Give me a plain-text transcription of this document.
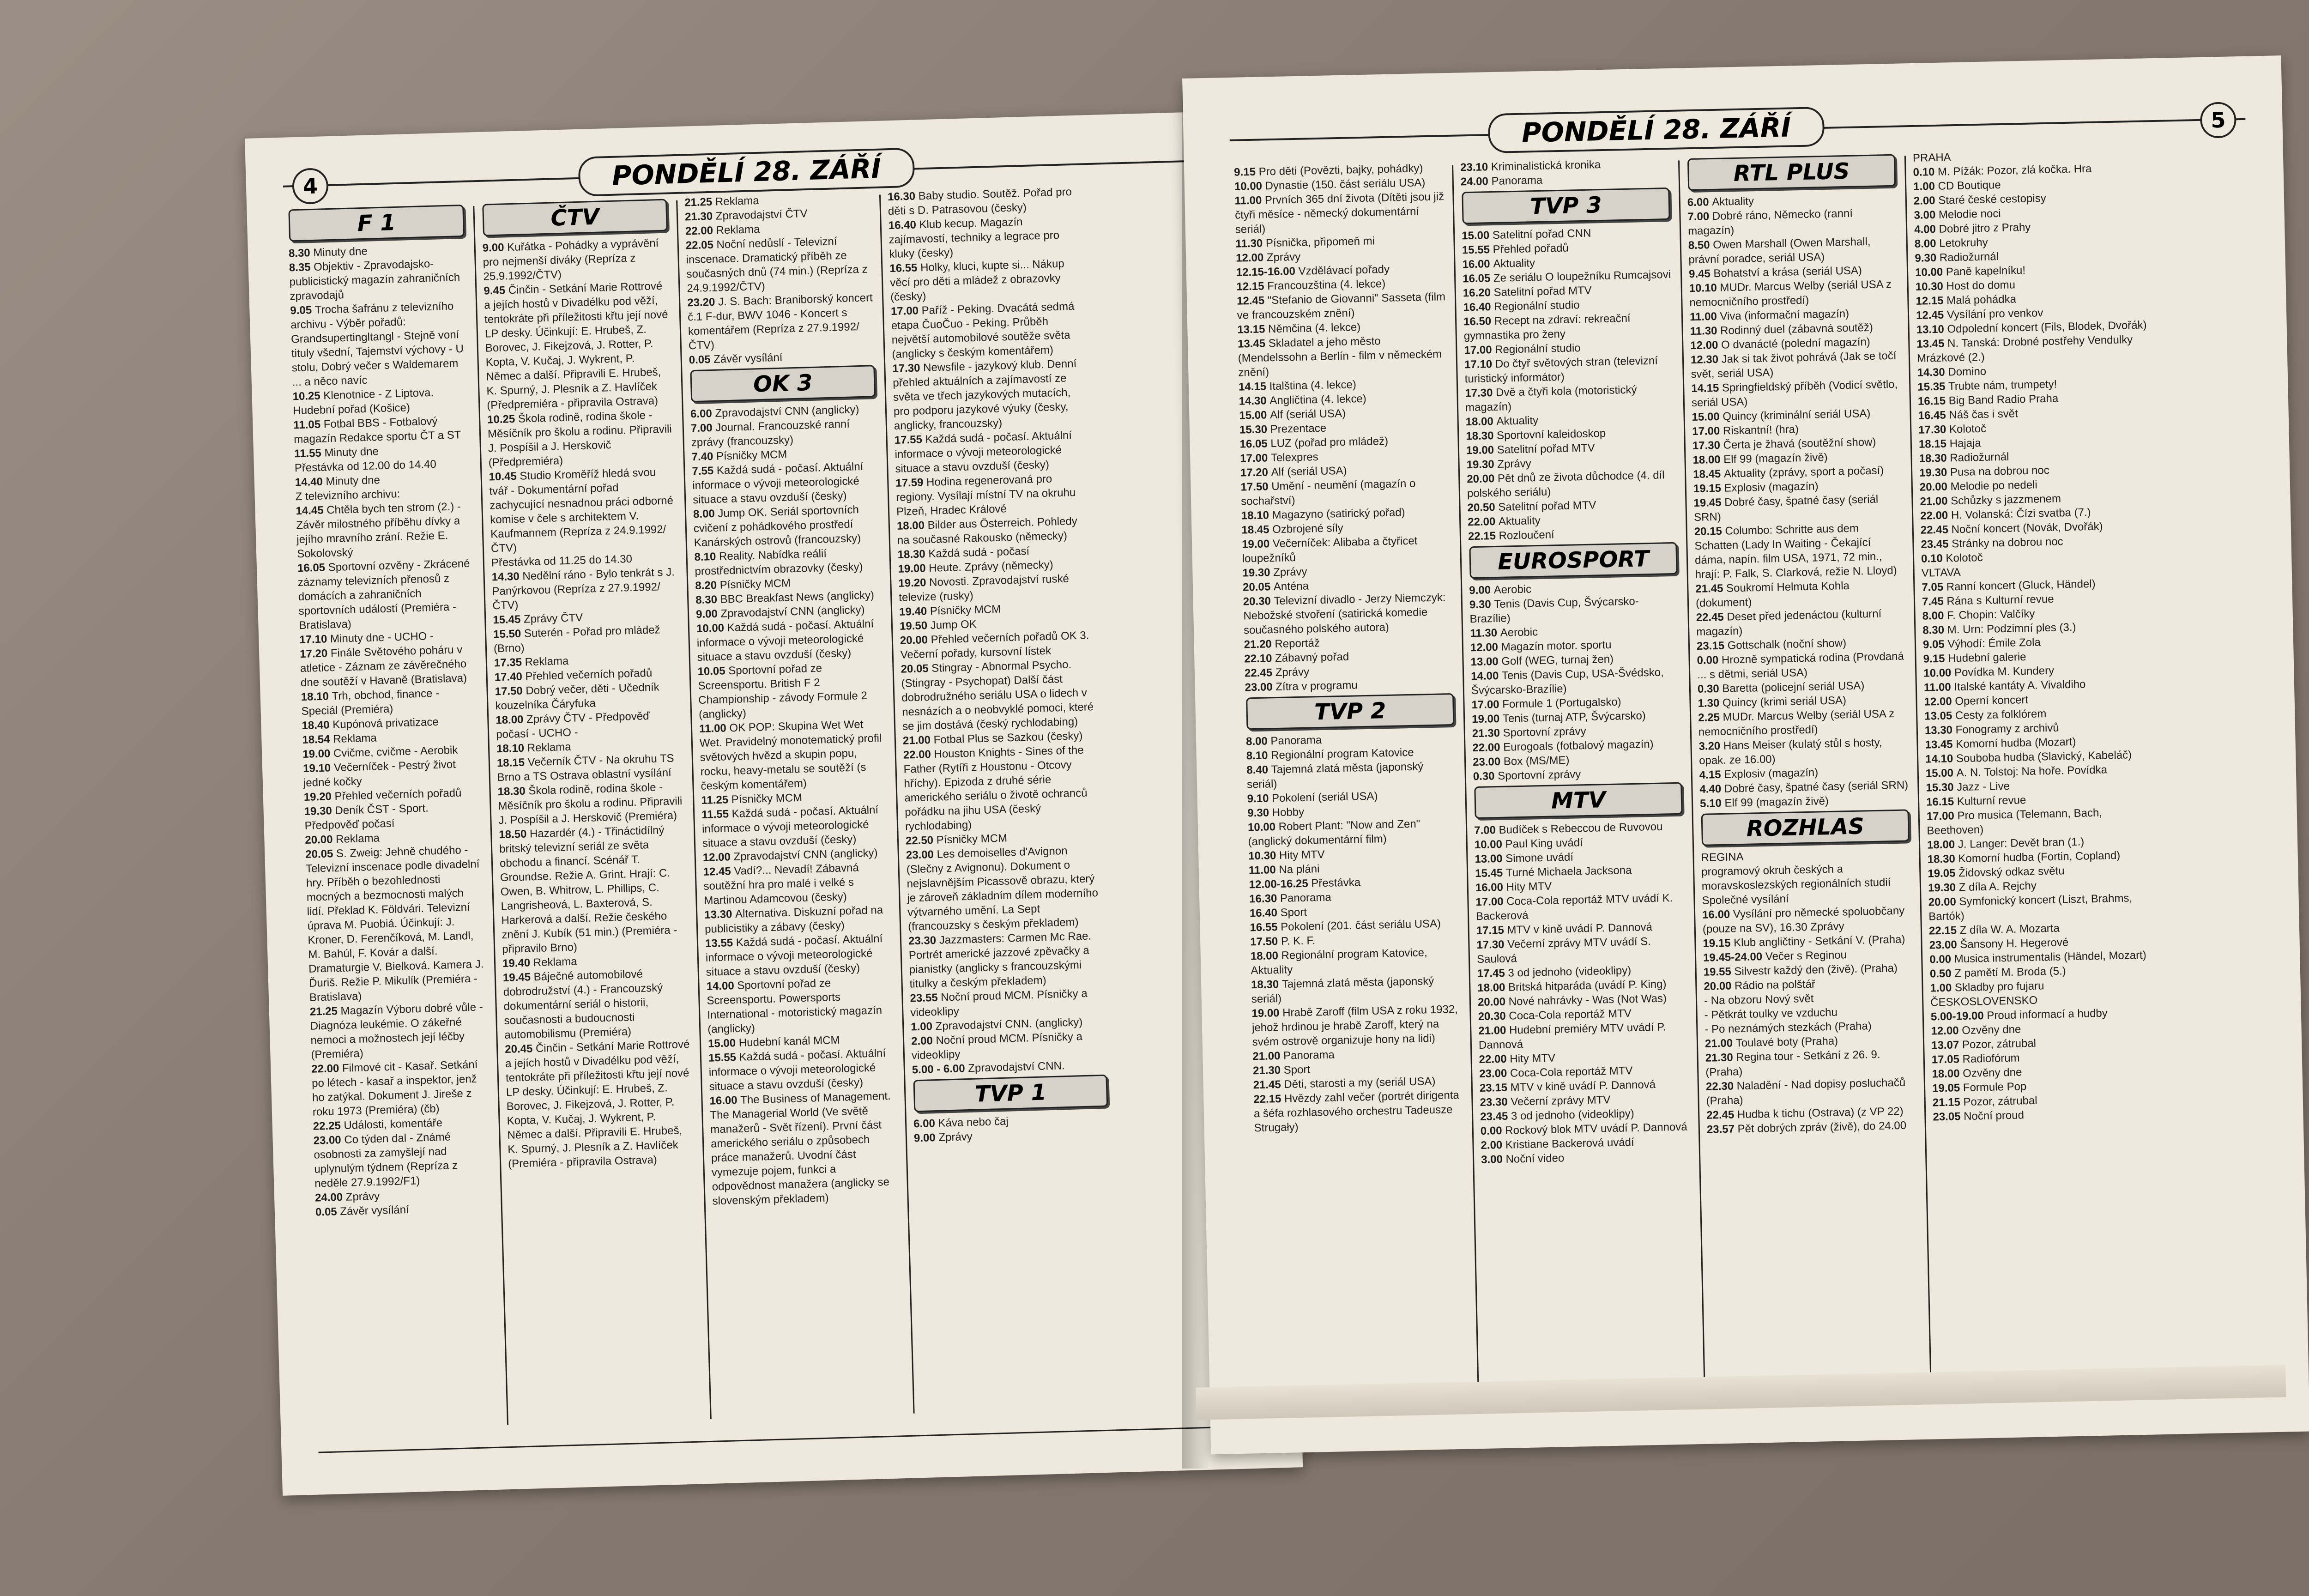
4	PONDĚLÍ 28. ZÁŘÍ
F 1
8.30 Minuty dne
8.35 Objektiv - Zpravodajsko-publicistický magazín zahraničních zpravodajů
9.05 Trocha šafránu z televizního archivu - Výběr pořadů: Grandsupertingltangl - Stejně voní tituly všední, Tajemství výchovy - U stolu, Dobrý večer s Waldemarem ... a něco navíc
10.25 Klenotnice - Z Liptova. Hudební pořad (Košice)
11.05 Fotbal BBS - Fotbalový magazín Redakce sportu ČT a ST
11.55 Minuty dne
Přestávka od 12.00 do 14.40
14.40 Minuty dne
Z televizního archivu:
14.45 Chtěla bych ten strom (2.) - Závěr milostného příběhu dívky a jejího mravního zrání. Režie E. Sokolovský
16.05 Sportovní ozvěny - Zkrácené záznamy televizních přenosů z domácích a zahraničních sportovních událostí (Premiéra - Bratislava)
17.10 Minuty dne - UCHO -
17.20 Finále Světového poháru v atletice - Záznam ze závěrečného dne soutěží v Havaně (Bratislava)
18.10 Trh, obchod, finance - Speciál (Premiéra)
18.40 Kupónová privatizace
18.54 Reklama
19.00 Cvičme, cvičme - Aerobik
19.10 Večerníček - Pestrý život jedné kočky
19.20 Přehled večerních pořadů
19.30 Deník ČST - Sport. Předpověď počasí
20.00 Reklama
20.05 S. Zweig: Jehně chudého - Televizní inscenace podle divadelní hry. Příběh o bezohlednosti mocných a bezmocnosti malých lidí. Překlad K. Földvári. Televizní úprava M. Puobiá. Účinkují: J. Kroner, D. Ferenčíková, M. Landl, M. Bahúl, F. Kovár a další. Dramaturgie V. Bielková. Kamera J. Ďuriš. Režie P. Mikulík (Premiéra - Bratislava)
21.25 Magazín Výboru dobré vůle - Diagnóza leukémie. O zákeřné nemoci a možnostech její léčby (Premiéra)
22.00 Filmové cit - Kasař. Setkání po létech - kasař a inspektor, jenž ho zatýkal. Dokument J. Jireše z roku 1973 (Premiéra) (čb)
22.25 Události, komentáře
23.00 Co týden dal - Známé osobnosti za zamyšlejí nad uplynulým týdnem (Repríza z neděle 27.9.1992/F1)
24.00 Zprávy
0.05 Závěr vysílání
ČTV
9.00 Kuřátka - Pohádky a vyprávění pro nejmenší diváky (Repríza z 25.9.1992/ČTV)
9.45 Činčin - Setkání Marie Rottrové a jejích hostů v Divadélku pod věží, tentokráte při příležitosti křtu její nové LP desky. Účinkují: E. Hrubeš, Z. Borovec, J. Fikejzová, J. Rotter, P. Kopta, V. Kučaj, J. Wykrent, P. Němec a další. Připravili E. Hrubeš, K. Spurný, J. Plesník a Z. Havlíček (Předpremiéra - připravila Ostrava)
10.25 Škola rodině, rodina škole - Měsíčník pro školu a rodinu. Připravili J. Pospíšil a J. Herskovič (Předpremiéra)
10.45 Studio Kroměříž hledá svou tvář - Dokumentární pořad zachycující nesnadnou práci odborné komise v čele s architektem V. Kaufmannem (Repríza z 24.9.1992/ČTV)
Přestávka od 11.25 do 14.30
14.30 Nedělní ráno - Bylo tenkrát s J. Panýrkovou (Repríza z 27.9.1992/ČTV)
15.45 Zprávy ČTV
15.50 Suterén - Pořad pro mládež (Brno)
17.35 Reklama
17.40 Přehled večerních pořadů
17.50 Dobrý večer, děti - Učedník kouzelníka Čáryfuka
18.00 Zprávy ČTV - Předpověď počasí - UCHO -
18.10 Reklama
18.15 Večerník ČTV - Na okruhu TS Brno a TS Ostrava oblastní vysílání
18.30 Škola rodině, rodina škole - Měsíčník pro školu a rodinu. Připravili J. Pospíšil a J. Herskovič (Premiéra)
18.50 Hazardér (4.) - Třináctidílný britský televizní seriál ze světa obchodu a financí. Scénář T. Groundse. Režie A. Grint. Hrají: C. Owen, B. Whitrow, L. Phillips, C. Langrisheová, L. Baxterová, S. Harkerová a další. Režie českého znění J. Kubík (51 min.) (Premiéra - připravilo Brno)
19.40 Reklama
19.45 Báječné automobilové dobrodružství (4.) - Francouzský dokumentární seriál o historii, současnosti a budoucnosti automobilismu (Premiéra)
20.45 Činčin - Setkání Marie Rottrové a jejích hostů v Divadélku pod věží, tentokráte při příležitosti křtu její nové LP desky. Účinkují: E. Hrubeš, Z. Borovec, J. Fikejzová, J. Rotter, P. Kopta, V. Kučaj, J. Wykrent, P. Němec a další. Připravili E. Hrubeš, K. Spurný, J. Plesník a Z. Havlíček (Premiéra - připravila Ostrava)
21.25 Reklama
21.30 Zpravodajství ČTV
22.00 Reklama
22.05 Noční nedůslí - Televizní inscenace. Dramatický příběh ze současných dnů (74 min.) (Repríza z 24.9.1992/ČTV)
23.20 J. S. Bach: Braniborský koncert č.1 F-dur, BWV 1046 - Koncert s komentářem (Repríza z 27.9.1992/ČTV)
0.05 Závěr vysílání
OK 3
6.00 Zpravodajství CNN (anglicky)
7.00 Journal. Francouzské ranní zprávy (francouzsky)
7.40 Písničky MCM
7.55 Každá sudá - počasí. Aktuální informace o vývoji meteorologické situace a stavu ovzduší (česky)
8.00 Jump OK. Seriál sportovních cvičení z pohádkového prostředí Kanárských ostrovů (francouzsky)
8.10 Reality. Nabídka reálií prostřednictvím obrazovky (česky)
8.20 Písničky MCM
8.30 BBC Breakfast News (anglicky)
9.00 Zpravodajství CNN (anglicky)
10.00 Každá sudá - počasí. Aktuální informace o vývoji meteorologické situace a stavu ovzduší (česky)
10.05 Sportovní pořad ze Screensportu. British F 2 Championship - závody Formule 2 (anglicky)
11.00 OK POP: Skupina Wet Wet Wet. Pravidelný monotematický profil světových hvězd a skupin popu, rocku, heavy-metalu se soutěží (s českým komentářem)
11.25 Písničky MCM
11.55 Každá sudá - počasí. Aktuální informace o vývoji meteorologické situace a stavu ovzduší (česky)
12.00 Zpravodajství CNN (anglicky)
12.45 Vadí?... Nevadí! Zábavná soutěžní hra pro malé i velké s Martinou Adamcovou (česky)
13.30 Alternativa. Diskuzní pořad na publicistiky a zábavy (česky)
13.55 Každá sudá - počasí. Aktuální informace o vývoji meteorologické situace a stavu ovzduší (česky)
14.00 Sportovní pořad ze Screensportu. Powersports International - motoristický magazín (anglicky)
15.00 Hudební kanál MCM
15.55 Každá sudá - počasí. Aktuální informace o vývoji meteorologické situace a stavu ovzduší (česky)
16.00 The Business of Management. The Managerial World (Ve světě manažerů - Svět řízení). První část amerického seriálu o způsobech práce manažerů. Uvodní část vymezuje pojem, funkci a odpovědnost manažera (anglicky se slovenským překladem)
16.30 Baby studio. Soutěž. Pořad pro děti s D. Patrasovou (česky)
16.40 Klub kecup. Magazín zajímavostí, techniky a legrace pro kluky (česky)
16.55 Holky, kluci, kupte si... Nákup věcí pro děti a mládež z obrazovky (česky)
17.00 Paříž - Peking. Dvacátá sedmá etapa ČuoČuo - Peking. Průběh největší automobilové soutěže světa (anglicky s českým komentářem)
17.30 Newsfile - jazykový klub. Denní přehled aktuálních a zajímavostí ze světa ve třech jazykových mutacích, pro podporu jazykové výuky (česky, anglicky, francouzsky)
17.55 Každá sudá - počasí. Aktuální informace o vývoji meteorologické situace a stavu ovzduší (česky)
17.59 Hodina regenerovaná pro regiony. Vysílají místní TV na okruhu Plzeň, Hradec Králové
18.00 Bilder aus Österreich. Pohledy na současné Rakousko (německy)
18.30 Každá sudá - počasí
19.00 Heute. Zprávy (německy)
19.20 Novosti. Zpravodajství ruské televize (rusky)
19.40 Písničky MCM
19.50 Jump OK
20.00 Přehled večerních pořadů OK 3. Večerní pořady, kursovní lístek
20.05 Stingray - Abnormal Psycho. (Stingray - Psychopat) Další část dobrodružného seriálu USA o lidech v nesnázích a o neobvyklé pomoci, které se jim dostává (český rychlodabing)
21.00 Fotbal Plus se Sazkou (česky)
22.00 Houston Knights - Sines of the Father (Rytíři z Houstonu - Otcovy hříchy). Epizoda z druhé série amerického seriálu o životě ochranců pořádku na jihu USA (český rychlodabing)
22.50 Písničky MCM
23.00 Les demoiselles d'Avignon (Slečny z Avignonu). Dokument o nejslavnějším Picassově obrazu, který je zároveň základním dílem moderního výtvarného umění. La Sept (francouzsky s českým překladem)
23.30 Jazzmasters: Carmen Mc Rae. Portrét americké jazzové zpěvačky a pianistky (anglicky s francouzskými titulky a českým překladem)
23.55 Noční proud MCM. Písničky a videoklipy
1.00 Zpravodajství CNN. (anglicky)
2.00 Noční proud MCM. Písničky a videoklipy
5.00 - 6.00 Zpravodajství CNN.
TVP 1
6.00 Káva nebo čaj
9.00 Zprávy
PONDĚLÍ 28. ZÁŘÍ	5
9.15 Pro děti (Povězti, bajky, pohádky)
10.00 Dynastie (150. část seriálu USA)
11.00 Prvních 365 dní života (Dítěti jsou již čtyři měsíce - německý dokumentární seriál)
11.30 Písnička, připomeň mi
12.00 Zprávy
12.15-16.00 Vzdělávací pořady
12.15 Francouzština (4. lekce)
12.45 "Stefanio de Giovanni" Sasseta (film ve francouzském znění)
13.15 Němčina (4. lekce)
13.45 Skladatel a jeho město (Mendelssohn a Berlín - film v německém znění)
14.15 Italština (4. lekce)
14.30 Angličtina (4. lekce)
15.00 Alf (seriál USA)
15.30 Prezentace
16.05 LUZ (pořad pro mládež)
17.00 Telexpres
17.20 Alf (seriál USA)
17.50 Umění - neumění (magazín o sochařství)
18.10 Magazyno (satirický pořad)
18.45 Ozbrojené síly
19.00 Večerníček: Alibaba a čtyřicet loupežníků
19.30 Zprávy
20.05 Anténa
20.30 Televizní divadlo - Jerzy Niemczyk: Nebožské stvoření (satirická komedie současného polského autora)
21.20 Reportáž
22.10 Zábavný pořad
22.45 Zprávy
23.00 Zítra v programu
TVP 2
8.00 Panorama
8.10 Regionální program Katovice
8.40 Tajemná zlatá města (japonský seriál)
9.10 Pokolení (seriál USA)
9.30 Hobby
10.00 Robert Plant: "Now and Zen" (anglický dokumentární film)
10.30 Hity MTV
11.00 Na pláni
12.00-16.25 Přestávka
16.30 Panorama
16.40 Sport
16.55 Pokolení (201. část seriálu USA)
17.50 P. K. F.
18.00 Regionální program Katovice, Aktuality
18.30 Tajemná zlatá města (japonský seriál)
19.00 Hrabě Zaroff (film USA z roku 1932, jehož hrdinou je hrabě Zaroff, který na svém ostrově organizuje hony na lidi)
21.00 Panorama
21.30 Sport
21.45 Děti, starosti a my (seriál USA)
22.15 Hvězdy zahl večer (portrét dirigenta a šéfa rozhlasového orchestru Tadeusze Strugały)
23.10 Kriminalistická kronika
24.00 Panorama
TVP 3
15.00 Satelitní pořad CNN
15.55 Přehled pořadů
16.00 Aktuality
16.05 Ze seriálu O loupežníku Rumcajsovi
16.20 Satelitní pořad MTV
16.40 Regionální studio
16.50 Recept na zdraví: rekreační gymnastika pro ženy
17.00 Regionální studio
17.10 Do čtyř světových stran (televizní turistický informátor)
17.30 Dvě a čtyři kola (motoristický magazín)
18.00 Aktuality
18.30 Sportovní kaleidoskop
19.00 Satelitní pořad MTV
19.30 Zprávy
20.00 Pět dnů ze života důchodce (4. díl polského seriálu)
20.50 Satelitní pořad MTV
22.00 Aktuality
22.15 Rozloučení
EUROSPORT
9.00 Aerobic
9.30 Tenis (Davis Cup, Švýcarsko-Brazílie)
11.30 Aerobic
12.00 Magazín motor. sportu
13.00 Golf (WEG, turnaj žen)
14.00 Tenis (Davis Cup, USA-Švédsko, Švýcarsko-Brazílie)
17.00 Formule 1 (Portugalsko)
19.00 Tenis (turnaj ATP, Švýcarsko)
21.30 Sportovní zprávy
22.00 Eurogoals (fotbalový magazín)
23.00 Box (MS/ME)
0.30 Sportovní zprávy
MTV
7.00 Budíček s Rebeccou de Ruvovou
10.00 Paul King uvádí
13.00 Simone uvádí
15.45 Turné Michaela Jacksona
16.00 Hity MTV
17.00 Coca-Cola reportáž MTV uvádí K. Backerová
17.15 MTV v kině uvádí P. Dannová
17.30 Večerní zprávy MTV uvádí S. Saulová
17.45 3 od jednoho (videoklipy)
18.00 Britská hitparáda (uvádí P. King)
20.00 Nové nahrávky - Was (Not Was)
20.30 Coca-Cola reportáž MTV
21.00 Hudební premiéry MTV uvádí P. Dannová
22.00 Hity MTV
23.00 Coca-Cola reportáž MTV
23.15 MTV v kině uvádí P. Dannová
23.30 Večerní zprávy MTV
23.45 3 od jednoho (videoklipy)
0.00 Rockový blok MTV uvádí P. Dannová
2.00 Kristiane Backerová uvádí
3.00 Noční video
RTL PLUS
6.00 Aktuality
7.00 Dobré ráno, Německo (ranní magazín)
8.50 Owen Marshall (Owen Marshall, právní poradce, seriál USA)
9.45 Bohatství a krása (seriál USA)
10.10 MUDr. Marcus Welby (seriál USA z nemocničního prostředí)
11.00 Viva (informační magazín)
11.30 Rodinný duel (zábavná soutěž)
12.00 O dvanácté (polední magazín)
12.30 Jak si tak život pohrává (Jak se točí svět, seriál USA)
14.15 Springfieldský příběh (Vodicí světlo, seriál USA)
15.00 Quincy (kriminální seriál USA)
17.00 Riskantní! (hra)
17.30 Čerta je žhavá (soutěžní show)
18.00 Elf 99 (magazín živě)
18.45 Aktuality (zprávy, sport a počasí)
19.15 Explosiv (magazín)
19.45 Dobré časy, špatné časy (seriál SRN)
20.15 Columbo: Schritte aus dem Schatten (Lady In Waiting - Čekající dáma, napín. film USA, 1971, 72 min., hrají: P. Falk, S. Clarková, režie N. Lloyd)
21.45 Soukromí Helmuta Kohla (dokument)
22.45 Deset před jedenáctou (kulturní magazín)
23.15 Gottschalk (noční show)
0.00 Hrozně sympatická rodina (Provdaná ... s dětmi, seriál USA)
0.30 Baretta (policejní seriál USA)
1.30 Quincy (krimi seriál USA)
2.25 MUDr. Marcus Welby (seriál USA z nemocničního prostředí)
3.20 Hans Meiser (kulatý stůl s hosty, opak. ze 16.00)
4.15 Explosiv (magazín)
4.40 Dobré časy, špatné časy (seriál SRN)
5.10 Elf 99 (magazín živě)
ROZHLAS
REGINA
programový okruh českých a moravskoslezských regionálních studií Společné vysílání
16.00 Vysílání pro německé spoluobčany (pouze na SV), 16.30 Zprávy
19.15 Klub angličtiny - Setkání V. (Praha)
19.45-24.00 Večer s Reginou
19.55 Silvestr každý den (živě). (Praha)
20.00 Rádio na polštář
- Na obzoru Nový svět
- Pětkrát toulky ve vzduchu
- Po neznámých stezkách (Praha)
21.00 Toulavé boty (Praha)
21.30 Regina tour - Setkání z 26. 9. (Praha)
22.30 Naladění - Nad dopisy posluchačů (Praha)
22.45 Hudba k tichu (Ostrava) (z VP 22)
23.57 Pět dobrých zpráv (živě), do 24.00
PRAHA
0.10 M. Pížák: Pozor, zlá kočka. Hra
1.00 CD Boutique
2.00 Staré české cestopisy
3.00 Melodie noci
4.00 Dobré jitro z Prahy
8.00 Letokruhy
9.30 Radiožurnál
10.00 Paně kapelníku!
10.30 Host do domu
12.15 Malá pohádka
12.45 Vysílání pro venkov
13.10 Odpolední koncert (Fils, Blodek, Dvořák)
13.45 N. Tanská: Drobné postřehy Vendulky Mrázkové (2.)
14.30 Domino
15.35 Trubte nám, trumpety!
16.15 Big Band Radio Praha
16.45 Náš čas i svět
17.30 Kolotoč
18.15 Hajaja
18.30 Radiožurnál
19.30 Pusa na dobrou noc
20.00 Melodie po nedeli
21.00 Schůzky s jazzmenem
22.00 H. Volanská: Čízi svatba (7.)
22.45 Noční koncert (Novák, Dvořák)
23.45 Stránky na dobrou noc
0.10 Kolotoč
VLTAVA
7.05 Ranní koncert (Gluck, Händel)
7.45 Rána s Kulturní revue
8.00 F. Chopin: Valčíky
8.30 M. Urn: Podzimní ples (3.)
9.05 Výhodí: Émile Zola
9.15 Hudební galerie
10.00 Povídka M. Kundery
11.00 Italské kantáty A. Vivaldiho
12.00 Operní koncert
13.05 Cesty za folklórem
13.30 Fonogramy z archivů
13.45 Komorní hudba (Mozart)
14.10 Souboba hudba (Slavický, Kabeláč)
15.00 A. N. Tolstoj: Na hoře. Povídka
15.30 Jazz - Live
16.15 Kulturní revue
17.00 Pro musica (Telemann, Bach, Beethoven)
18.00 J. Langer: Devět bran (1.)
18.30 Komorní hudba (Fortin, Copland)
19.05 Židovský odkaz světu
19.30 Z díla A. Rejchy
20.00 Symfonický koncert (Liszt, Brahms, Bartók)
22.15 Z díla W. A. Mozarta
23.00 Šansony H. Hegerové
0.00 Musica instrumentalis (Händel, Mozart)
0.50 Z pamětí M. Brodа (5.)
1.00 Skladby pro fujaru
ČESKOSLOVENSKO
5.00-19.00 Proud informací a hudby
12.00 Ozvěny dne
13.07 Pozor, zátrubal
17.05 Radiofórum
18.00 Ozvěny dne
19.05 Formule Pop
21.15 Pozor, zátrubal
23.05 Noční proud
